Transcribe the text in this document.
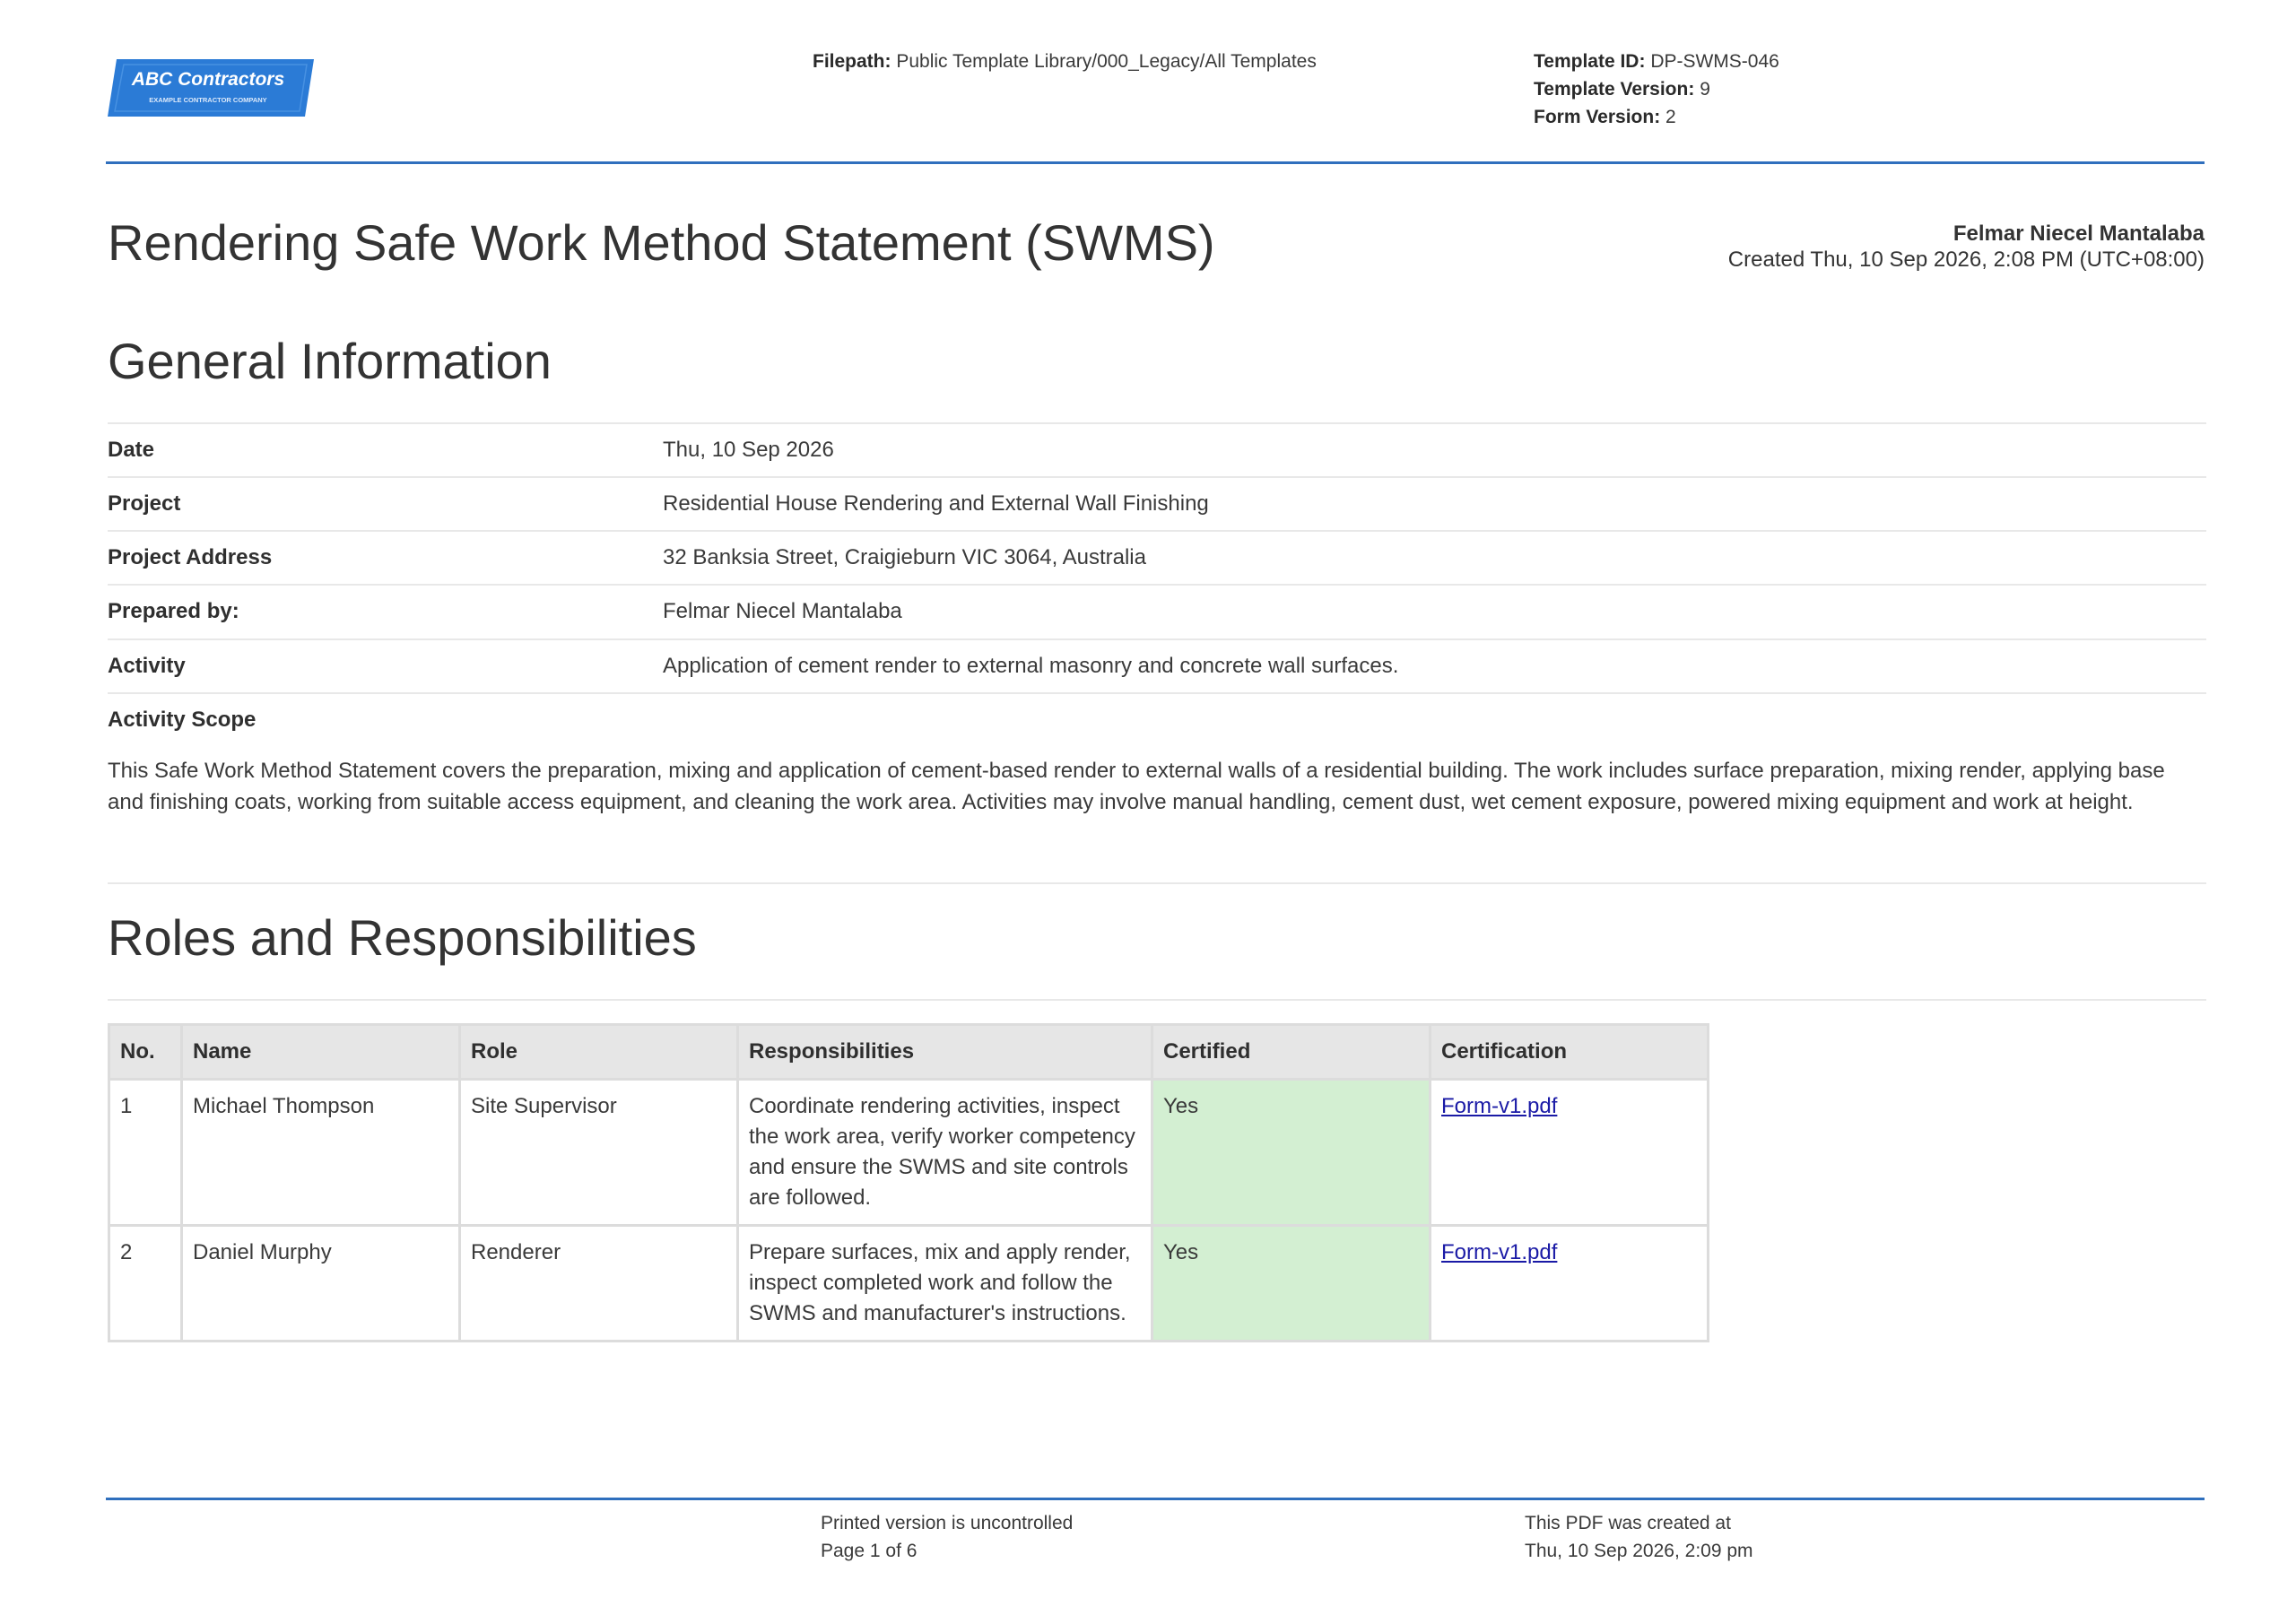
ABC Contractors
EXAMPLE CONTRACTOR COMPANY
Filepath: Public Template Library/000_Legacy/All Templates	Template ID: DP-SWMS-046
Template Version: 9
Form Version: 2
Rendering Safe Work Method Statement (SWMS)	Felmar Niecel Mantalaba
Created Thu, 10 Sep 2026, 2:08 PM (UTC+08:00)
General Information
Date	Thu, 10 Sep 2026
Project	Residential House Rendering and External Wall Finishing
Project Address	32 Banksia Street, Craigieburn VIC 3064, Australia
Prepared by:	Felmar Niecel Mantalaba
Activity	Application of cement render to external masonry and concrete wall surfaces.
Activity Scope
This Safe Work Method Statement covers the preparation, mixing and application of cement-based render to external walls of a residential building. The work includes surface preparation, mixing render, applying base and finishing coats, working from suitable access equipment, and cleaning the work area. Activities may involve manual handling, cement dust, wet cement exposure, powered mixing equipment and work at height.
Roles and Responsibilities
No.	Name	Role	Responsibilities	Certified	Certification
1	Michael Thompson	Site Supervisor	Coordinate rendering activities, inspect the work area, verify worker competency and ensure the SWMS and site controls are followed.	Yes	Form-v1.pdf
2	Daniel Murphy	Renderer	Prepare surfaces, mix and apply render, inspect completed work and follow the SWMS and manufacturer's instructions.	Yes	Form-v1.pdf
Printed version is uncontrolled
Page 1 of 6
This PDF was created at
Thu, 10 Sep 2026, 2:09 pm
